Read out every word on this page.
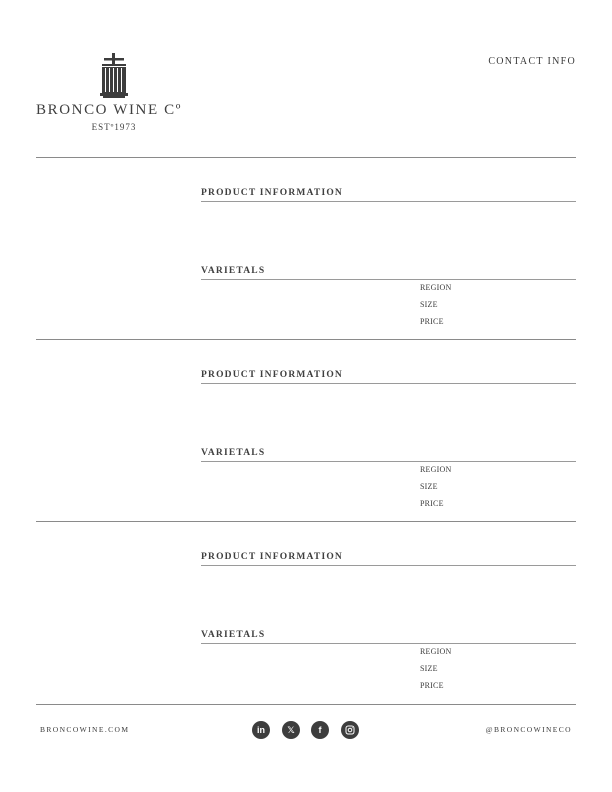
BRONCO WINE Cº
ESTº1973
CONTACT INFO
PRODUCT INFORMATION
VARIETALS
REGION
SIZE
PRICE
PRODUCT INFORMATION
VARIETALS
REGION
SIZE
PRICE
PRODUCT INFORMATION
VARIETALS
REGION
SIZE
PRICE
BRONCOWINE.COM	in	𝕏	f	@BRONCOWINECO
